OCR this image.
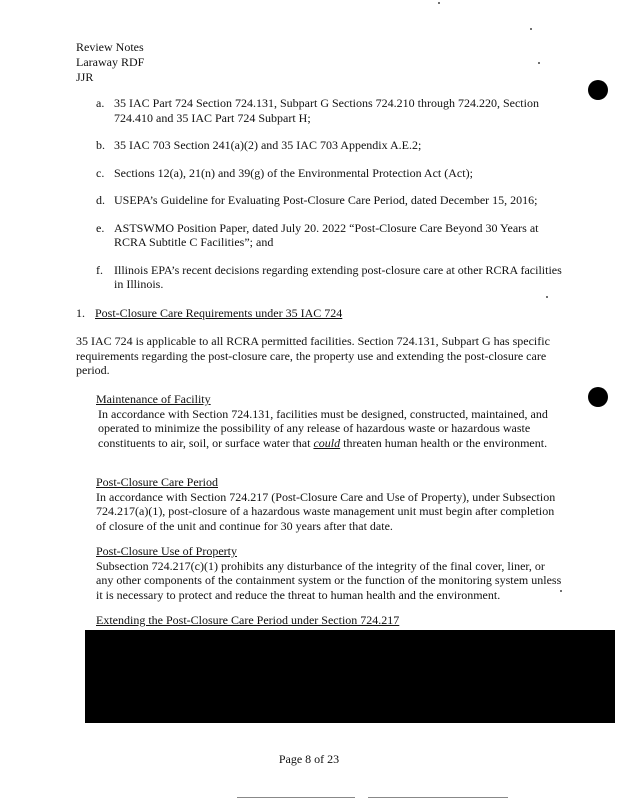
Review Notes
Laraway RDF
JJR
a. 35 IAC Part 724 Section 724.131, Subpart G Sections 724.210 through 724.220, Section 724.410 and 35 IAC Part 724 Subpart H;
b. 35 IAC 703 Section 241(a)(2) and 35 IAC 703 Appendix A.E.2;
c. Sections 12(a), 21(n) and 39(g) of the Environmental Protection Act (Act);
d. USEPA’s Guideline for Evaluating Post-Closure Care Period, dated December 15, 2016;
e. ASTSWMO Position Paper, dated July 20. 2022 “Post-Closure Care Beyond 30 Years at RCRA Subtitle C Facilities”; and
f. Illinois EPA’s recent decisions regarding extending post-closure care at other RCRA facilities in Illinois.
1. Post-Closure Care Requirements under 35 IAC 724
35 IAC 724 is applicable to all RCRA permitted facilities. Section 724.131, Subpart G has specific requirements regarding the post-closure care, the property use and extending the post-closure care period.
Maintenance of Facility
In accordance with Section 724.131, facilities must be designed, constructed, maintained, and operated to minimize the possibility of any release of hazardous waste or hazardous waste constituents to air, soil, or surface water that could threaten human health or the environment.
Post-Closure Care Period
In accordance with Section 724.217 (Post-Closure Care and Use of Property), under Subsection 724.217(a)(1), post-closure of a hazardous waste management unit must begin after completion of closure of the unit and continue for 30 years after that date.
Post-Closure Use of Property
Subsection 724.217(c)(1) prohibits any disturbance of the integrity of the final cover, liner, or any other components of the containment system or the function of the monitoring system unless it is necessary to protect and reduce the threat to human health and the environment.
Extending the Post-Closure Care Period under Section 724.217
Page 8 of 23
